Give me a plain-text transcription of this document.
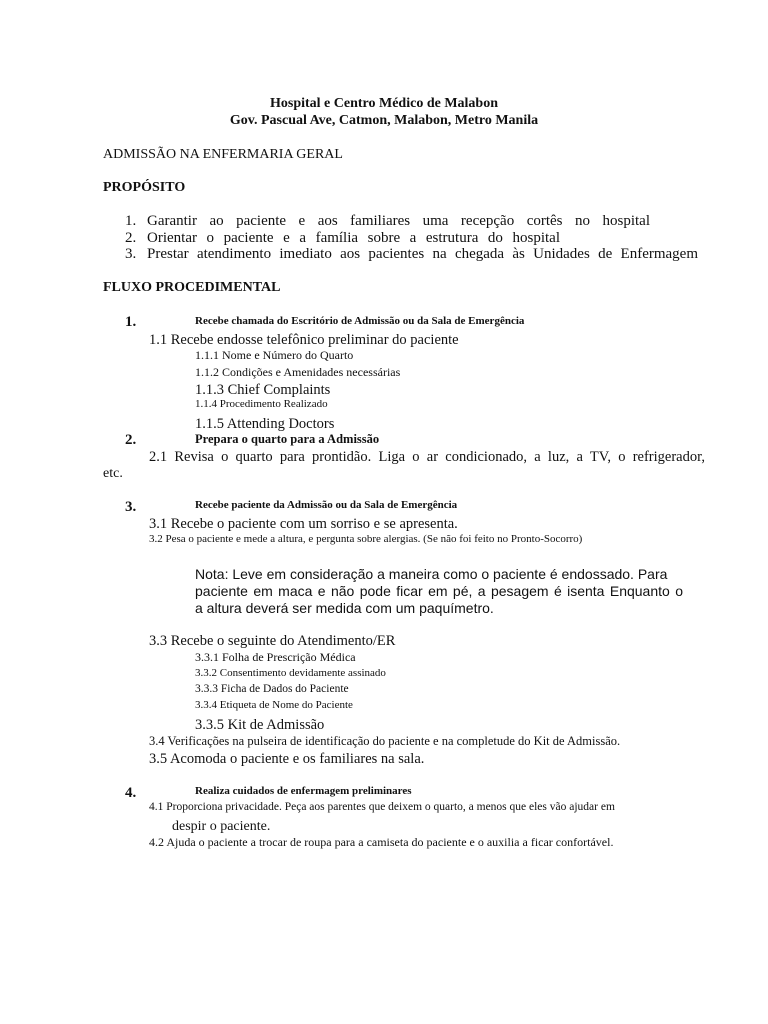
Hospital e Centro Médico de Malabon
Gov. Pascual Ave, Catmon, Malabon, Metro Manila
ADMISSÃO NA ENFERMARIA GERAL
PROPÓSITO
1. Garantir ao paciente e aos familiares uma recepção cortês no hospital
2. Orientar o paciente e a família sobre a estrutura do hospital
3. Prestar atendimento imediato aos pacientes na chegada às Unidades de Enfermagem
FLUXO PROCEDIMENTAL
1.	Recebe chamada do Escritório de Admissão ou da Sala de Emergência
1.1 Recebe endosse telefônico preliminar do paciente
1.1.1 Nome e Número do Quarto
1.1.2 Condições e Amenidades necessárias
1.1.3 Chief Complaints
1.1.4 Procedimento Realizado
1.1.5 Attending Doctors
2.	Prepara o quarto para a Admissão
2.1 Revisa o quarto para prontidão. Liga o ar condicionado, a luz, a TV, o refrigerador,
etc.
3.	Recebe paciente da Admissão ou da Sala de Emergência
3.1 Recebe o paciente com um sorriso e se apresenta.
3.2 Pesa o paciente e mede a altura, e pergunta sobre alergias. (Se não foi feito no Pronto-Socorro)
Nota: Leve em consideração a maneira como o paciente é endossado. Para
paciente em maca e não pode ficar em pé, a pesagem é isenta Enquanto o
a altura deverá ser medida com um paquímetro.
3.3 Recebe o seguinte do Atendimento/ER
3.3.1 Folha de Prescrição Médica
3.3.2 Consentimento devidamente assinado
3.3.3 Ficha de Dados do Paciente
3.3.4 Etiqueta de Nome do Paciente
3.3.5 Kit de Admissão
3.4 Verificações na pulseira de identificação do paciente e na completude do Kit de Admissão.
3.5 Acomoda o paciente e os familiares na sala.
4.	Realiza cuidados de enfermagem preliminares
4.1 Proporciona privacidade. Peça aos parentes que deixem o quarto, a menos que eles vão ajudar em
despir o paciente.
4.2 Ajuda o paciente a trocar de roupa para a camiseta do paciente e o auxilia a ficar confortável.
